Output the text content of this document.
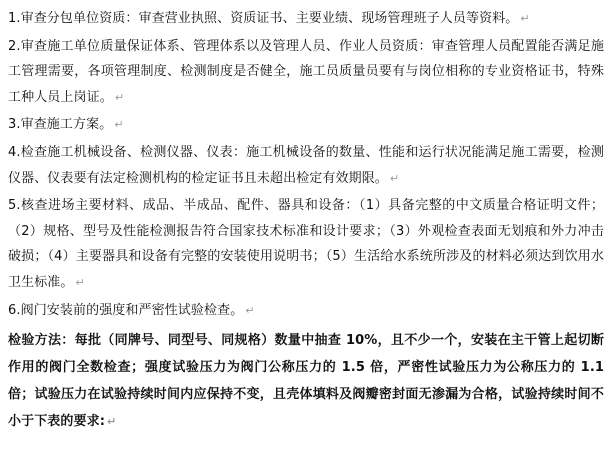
1.审查分包单位资质：审查营业执照、资质证书、主要业绩、现场管理班子人员等资料。 ↵

2.审查施工单位质量保证体系、管理体系以及管理人员、作业人员资质：审查管理人员配置能否满足施工管理需要，各项管理制度、检测制度是否健全，施工员质量员要有与岗位相称的专业资格证书，特殊工种人员上岗证。 ↵

3.审查施工方案。 ↵

4.检查施工机械设备、检测仪器、仪表：施工机械设备的数量、性能和运行状况能满足施工需要，检测仪器、仪表要有法定检测机构的检定证书且未超出检定有效期限。 ↵

5.核查进场主要材料、成品、半成品、配件、器具和设备：（1）具备完整的中文质量合格证明文件；（2）规格、型号及性能检测报告符合国家技术标准和设计要求；（3）外观检查表面无划痕和外力冲击破损；（4）主要器具和设备有完整的安装使用说明书；（5）生活给水系统所涉及的材料必须达到饮用水卫生标准。 ↵

6.阀门安装前的强度和严密性试验检查。 ↵

检验方法：每批（同牌号、同型号、同规格）数量中抽查 10%，且不少一个，安装在主干管上起切断作用的阀门全数检查；强度试验压力为阀门公称压力的 1.5 倍，严密性试验压力为公称压力的 1.1 倍；试验压力在试验持续时间内应保持不变，且壳体填料及阀瓣密封面无渗漏为合格，试验持续时间不小于下表的要求: ↵
